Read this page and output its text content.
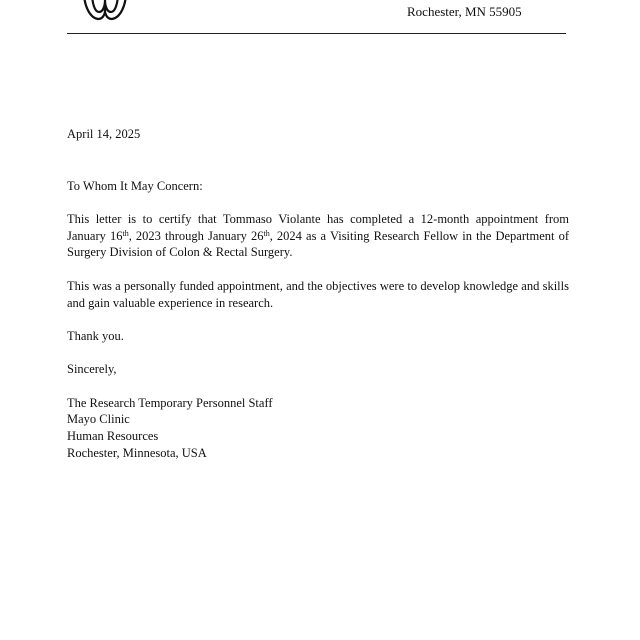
Rochester, MN 55905
April 14, 2025
To Whom It May Concern:
This letter is to certify that Tommaso Violante has completed a 12-month appointment from
January 16th, 2023 through January 26th, 2024 as a Visiting Research Fellow in the Department of
Surgery Division of Colon & Rectal Surgery.
This was a personally funded appointment, and the objectives were to develop knowledge and skills
and gain valuable experience in research.
Thank you.
Sincerely,
The Research Temporary Personnel Staff
Mayo Clinic
Human Resources
Rochester, Minnesota, USA
